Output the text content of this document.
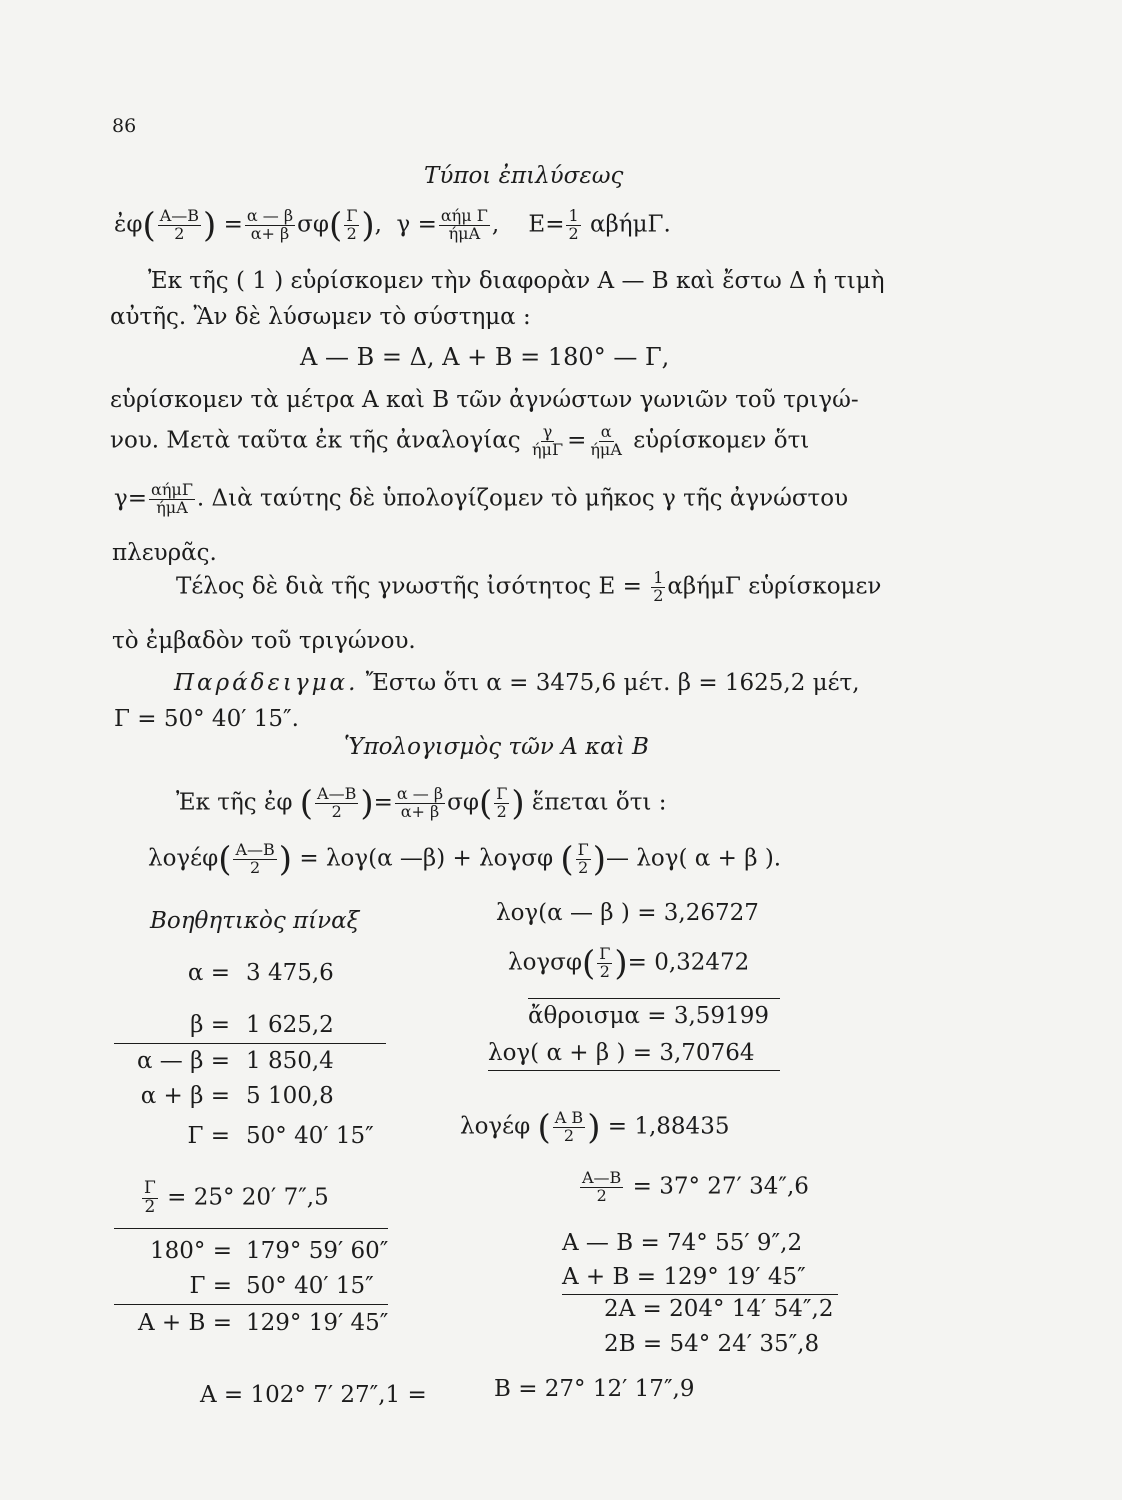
86
Τύποι ἐπιλύσεως
ἐφ( $\frac{A—B}{2}$ ) = $\frac{\alpha — \beta}{\alpha+ \beta} \sigma\varphi( \frac{\Gamma}{2}$ ),  $\gamma = \frac{\text{αήμ Γ}}{\text{ήμΑ}}$ , $E= \frac{1}{2} \alpha\beta ή\mu\Gamma$.
Ἐκ τῆς ( 1 ) εὑρίσκομεν τὴν διαφορὰν Α — Β καὶ ἔστω Δ ἡ τιμὴ
αὐτῆς. Ἂν δὲ λύσωμεν τὸ σύστημα :
Α — Β = Δ, Α + Β = 180° — Γ,
εὑρίσκομεν τὰ μέτρα Α καὶ Β τῶν ἀγνώστων γωνιῶν τοῦ τριγώ-
νου. Μετὰ ταῦτα ἐκ τῆς ἀναλογίας $\frac{\gamma}{\text{ήμΓ}} = \frac{\alpha}{\text{ήμΑ}}$ εὑρίσκομεν ὅτι
$\gamma= \frac{\text{αήμΓ}}{\text{ήμΑ}}$ . Διὰ ταύτης δὲ ὑπολογίζομεν τὸ μῆκος γ τῆς ἀγνώστου
πλευρᾶς.
Τέλος δὲ διὰ τῆς γνωστῆς ἰσότητος $E = \frac{1}{2}$ αβήμΓ εὑρίσκομεν
τὸ ἐμβαδὸν τοῦ τριγώνου.
Παράδειγμα. Ἔστω ὅτι α = 3475,6 μέτ. β = 1625,2 μέτ,
Γ = 50° 40′ 15″.
Ὑπολογισμὸς τῶν Α καὶ Β
Ἐκ τῆς ἐφ ( $\frac{A—B}{2}$ )= $\frac{\alpha — \beta}{\alpha+ \beta} \sigma\varphi( \frac{\Gamma}{2}$ ) ἕπεται ὅτι :
$\lambda o\gamma έ\varphi( \frac{A—B}{2}$ ) = λογ(α —β) + λογσφ ( $\frac{\Gamma}{2}$ )— λογ( α + β ).
Βοηθητικὸς πίναξ
α = 3 475,6
β = 1 625,2
α — β = 1 850,4
α + β = 5 100,8
Γ = 50° 40′ 15″
$\frac{\Gamma}{2} = 25^\circ$ 20′ 7″,5
180° = 179° 59′ 60″
Γ = 50° 40′ 15″
Α + Β = 129° 19′ 45″
λογ(α — β ) = 3,26727
$\lambda o\gamma\sigma\varphi( \frac{\Gamma}{2}$ )= 0,32472
ἄθροισμα = 3,59199
λογ( α + β ) = 3,70764
λογέφ ( $\frac{\text{Α Β}}{2}$ ) = 1,88435
$\frac{A—B}{2} = 37^\circ$ 27′ 34″,6
Α — Β = 74° 55′ 9″,2
Α + Β = 129° 19′ 45″
2Α = 204° 14′ 54″,2
2Β = 54° 24′ 35″,8
Α = 102° 7′ 27″,1 =	Β = 27° 12′ 17″,9
